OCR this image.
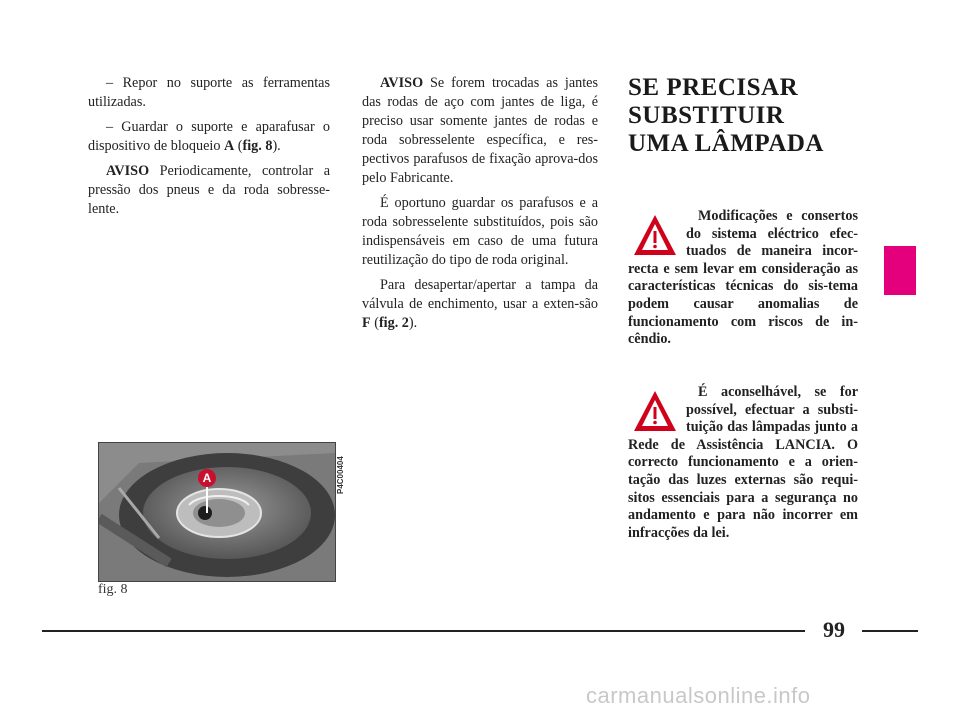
– Repor no suporte as ferramentas utilizadas.

– Guardar o suporte e aparafusar o dispositivo de bloqueio A (fig. 8).

AVISO Periodicamente, controlar a pressão dos pneus e da roda sobresse-lente.

AVISO Se forem trocadas as jantes das rodas de aço com jantes de liga, é preciso usar somente jantes de rodas e roda sobresselente específica, e res-pectivos parafusos de fixação aprova-dos pelo Fabricante.

É oportuno guardar os parafusos e a roda sobresselente substituídos, pois são indispensáveis em caso de uma futura reutilização do tipo de roda original.

Para desapertar/apertar a tampa da válvula de enchimento, usar a exten-são F (fig. 2).

SE PRECISAR
SUBSTITUIR
UMA LÂMPADA
Modificações e consertos do sistema eléctrico efec-tuados de maneira incor-recta e sem levar em consideração as características técnicas do sis-tema podem causar anomalias de funcionamento com riscos de in-cêndio.
É aconselhável, se for possível, efectuar a substi-tuição das lâmpadas junto a Rede de Assistência LANCIA. O correcto funcionamento e a orien-tação das luzes externas são requi-sitos essenciais para a segurança no andamento e para não incorrer em infracções da lei.
A	P4C00404
fig. 8
99
carmanualsonline.info
